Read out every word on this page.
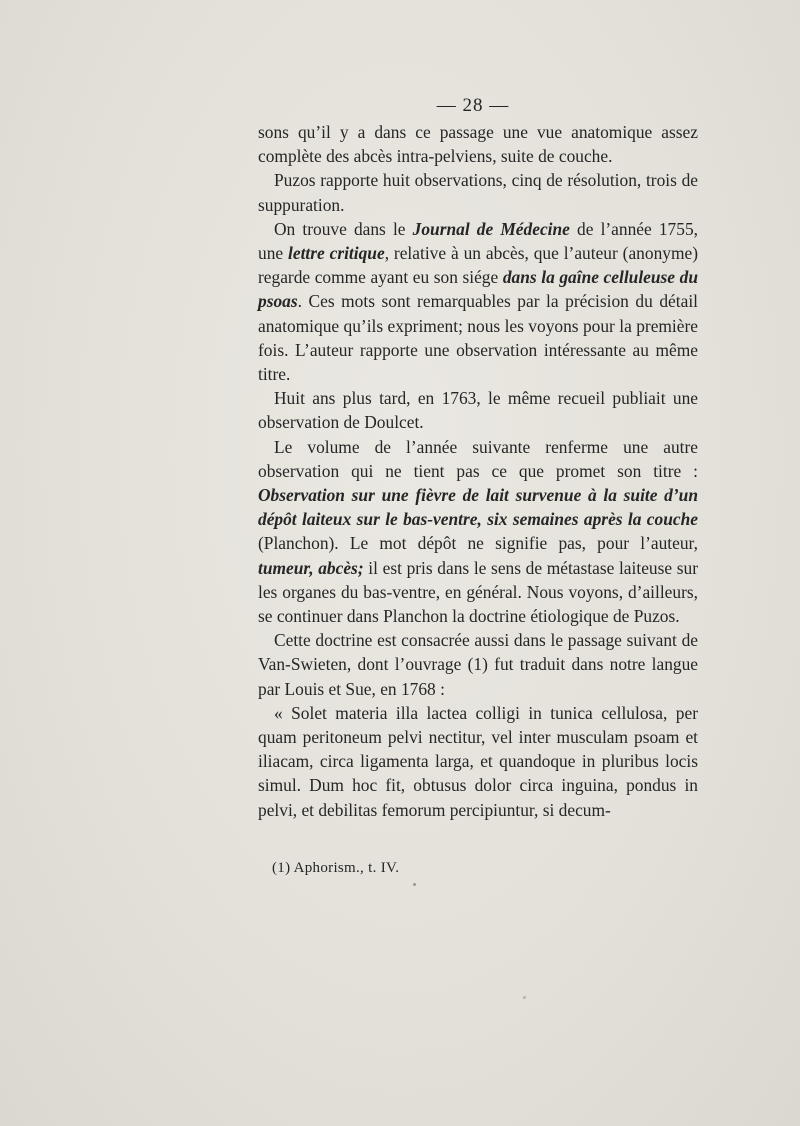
— 28 —

sons qu’il y a dans ce passage une vue anatomique assez complète des abcès intra-pelviens, suite de couche.

Puzos rapporte huit observations, cinq de résolution, trois de suppuration.

On trouve dans le Journal de Médecine de l’année 1755, une lettre critique, relative à un abcès, que l’auteur (anonyme) regarde comme ayant eu son siége dans la gaîne celluleuse du psoas. Ces mots sont remarquables par la précision du détail anatomique qu’ils expriment; nous les voyons pour la première fois. L’auteur rapporte une observation intéressante au même titre.

Huit ans plus tard, en 1763, le même recueil publiait une observation de Doulcet.

Le volume de l’année suivante renferme une autre observation qui ne tient pas ce que promet son titre : Observation sur une fièvre de lait survenue à la suite d’un dépôt laiteux sur le bas-ventre, six semaines après la couche (Planchon). Le mot dépôt ne signifie pas, pour l’auteur, tumeur, abcès; il est pris dans le sens de métastase laiteuse sur les organes du bas-ventre, en général. Nous voyons, d’ailleurs, se continuer dans Planchon la doctrine étiologique de Puzos.

Cette doctrine est consacrée aussi dans le passage suivant de Van-Swieten, dont l’ouvrage (1) fut traduit dans notre langue par Louis et Sue, en 1768 :

« Solet materia illa lactea colligi in tunica cellulosa, per quam peritoneum pelvi nectitur, vel inter musculam psoam et iliacam, circa ligamenta larga, et quandoque in pluribus locis simul. Dum hoc fit, obtusus dolor circa inguina, pondus in pelvi, et debilitas femorum percipiuntur, si decum-

(1) Aphorism., t. IV.
